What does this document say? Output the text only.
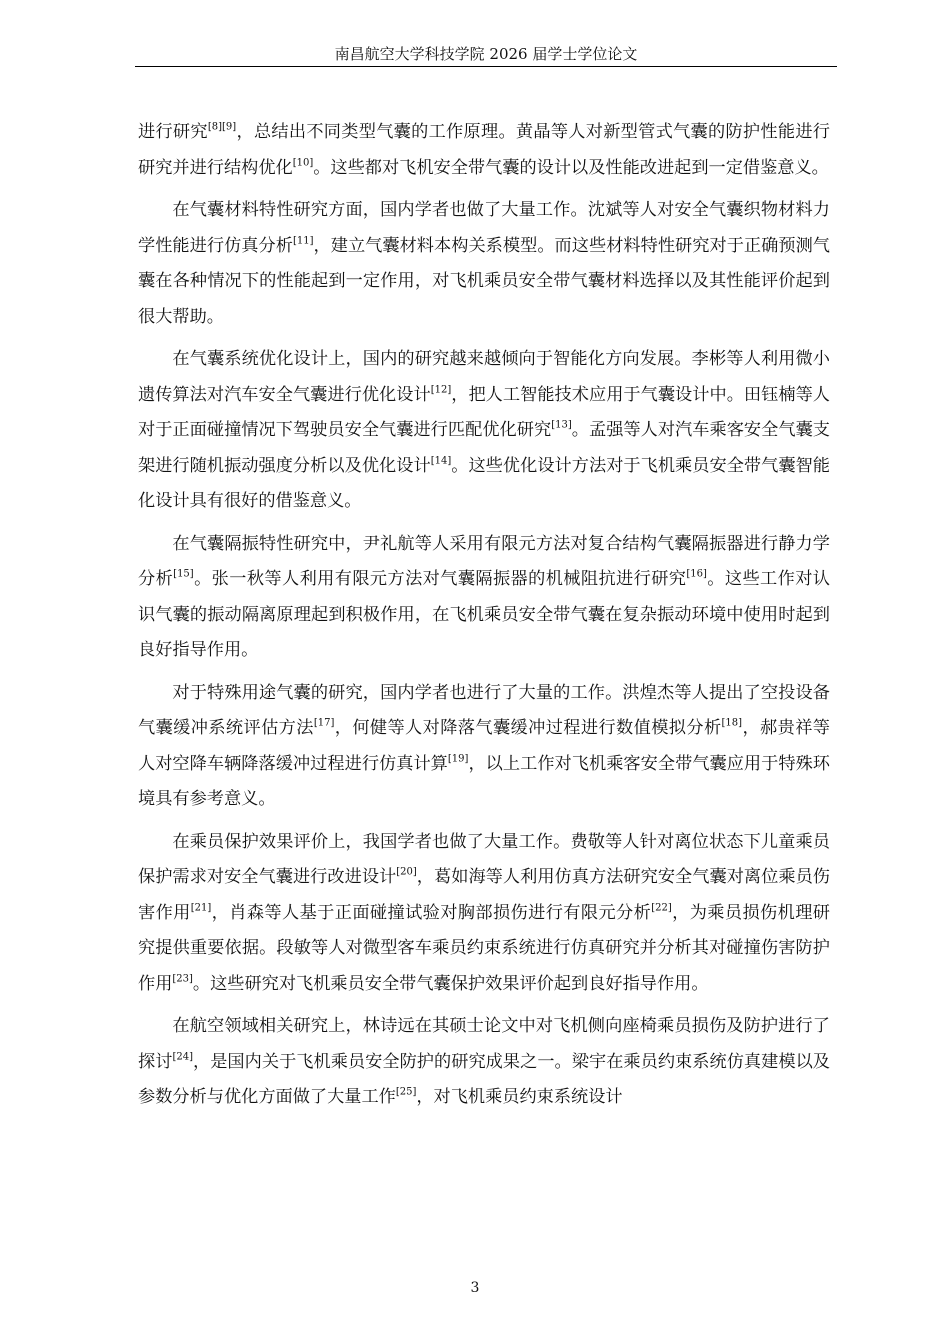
南昌航空大学科技学院 2026 届学士学位论文

进行研究[8][9]，总结出不同类型气囊的工作原理。黄晶等人对新型管式气囊的防护性能进行研究并进行结构优化[10]。这些都对飞机安全带气囊的设计以及性能改进起到一定借鉴意义。

在气囊材料特性研究方面，国内学者也做了大量工作。沈斌等人对安全气囊织物材料力学性能进行仿真分析[11]，建立气囊材料本构关系模型。而这些材料特性研究对于正确预测气囊在各种情况下的性能起到一定作用，对飞机乘员安全带气囊材料选择以及其性能评价起到很大帮助。

在气囊系统优化设计上，国内的研究越来越倾向于智能化方向发展。李彬等人利用微小遗传算法对汽车安全气囊进行优化设计[12]，把人工智能技术应用于气囊设计中。田钰楠等人对于正面碰撞情况下驾驶员安全气囊进行匹配优化研究[13]。孟强等人对汽车乘客安全气囊支架进行随机振动强度分析以及优化设计[14]。这些优化设计方法对于飞机乘员安全带气囊智能化设计具有很好的借鉴意义。

在气囊隔振特性研究中，尹礼航等人采用有限元方法对复合结构气囊隔振器进行静力学分析[15]。张一秋等人利用有限元方法对气囊隔振器的机械阻抗进行研究[16]。这些工作对认识气囊的振动隔离原理起到积极作用，在飞机乘员安全带气囊在复杂振动环境中使用时起到良好指导作用。

对于特殊用途气囊的研究，国内学者也进行了大量的工作。洪煌杰等人提出了空投设备气囊缓冲系统评估方法[17]，何健等人对降落气囊缓冲过程进行数值模拟分析[18]，郝贵祥等人对空降车辆降落缓冲过程进行仿真计算[19]，以上工作对飞机乘客安全带气囊应用于特殊环境具有参考意义。

在乘员保护效果评价上，我国学者也做了大量工作。费敬等人针对离位状态下儿童乘员保护需求对安全气囊进行改进设计[20]，葛如海等人利用仿真方法研究安全气囊对离位乘员伤害作用[21]，肖森等人基于正面碰撞试验对胸部损伤进行有限元分析[22]，为乘员损伤机理研究提供重要依据。段敏等人对微型客车乘员约束系统进行仿真研究并分析其对碰撞伤害防护作用[23]。这些研究对飞机乘员安全带气囊保护效果评价起到良好指导作用。

在航空领域相关研究上，林诗远在其硕士论文中对飞机侧向座椅乘员损伤及防护进行了探讨[24]，是国内关于飞机乘员安全防护的研究成果之一。梁宇在乘员约束系统仿真建模以及参数分析与优化方面做了大量工作[25]，对飞机乘员约束系统设计

3
